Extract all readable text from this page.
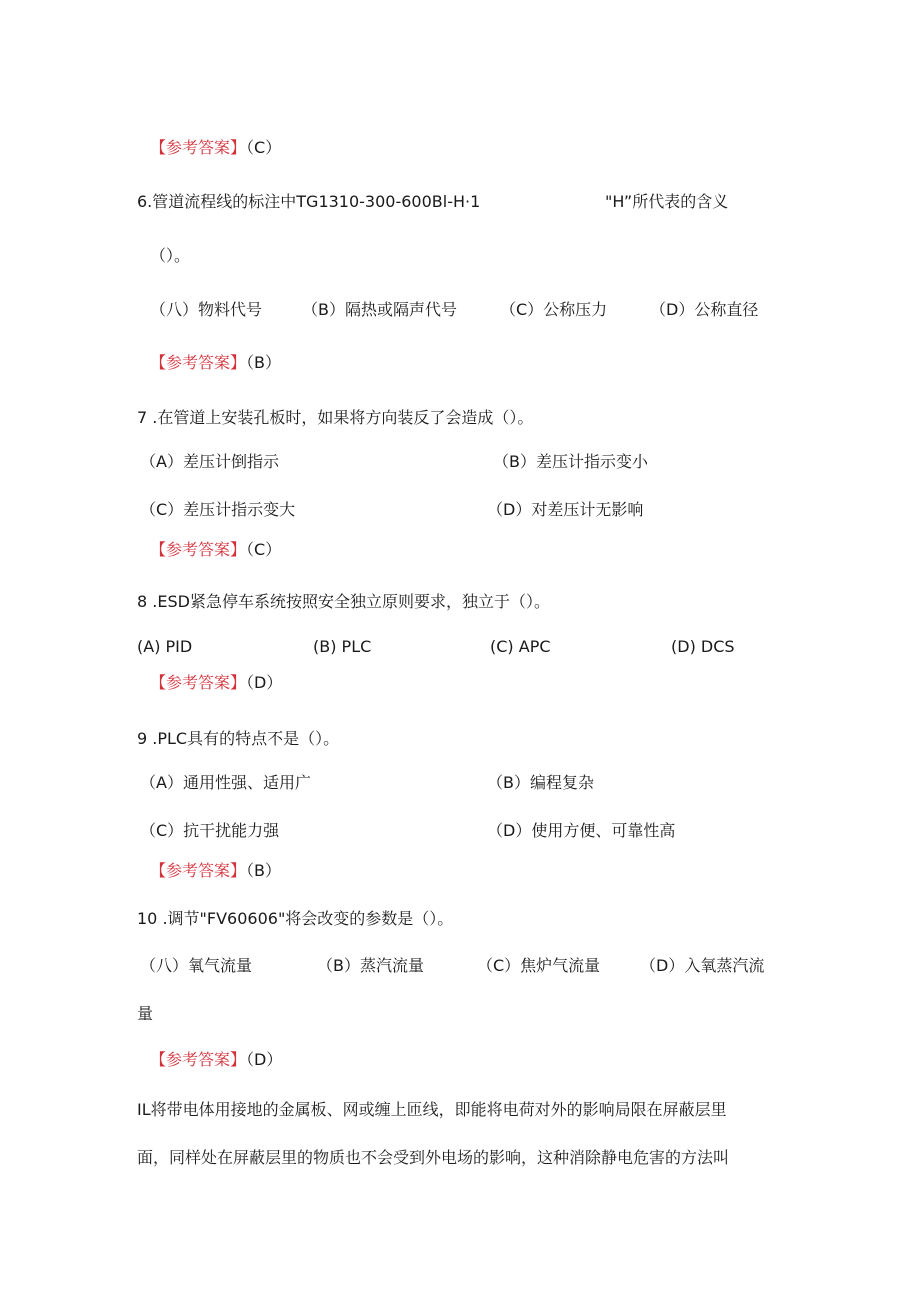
【参考答案】（C）
6.管道流程线的标注中TG1310-300-600Bl-H·1	"H”所代表的含义
（）。
（八）物料代号 （B）隔热或隔声代号	（C）公称压力	（D）公称直径
【参考答案】（B）
7 .在管道上安装孔板时，如果将方向装反了会造成（）。
（A）差压计倒指示	（B）差压计指示变小
（C）差压计指示变大	（D）对差压计无影响
【参考答案】（C）
8 .ESD紧急停车系统按照安全独立原则要求，独立于（）。
(A) PID	(B) PLC	(C) APC	(D) DCS
【参考答案】（D）
9 .PLC具有的特点不是（）。
（A）通用性强、适用广	（B）编程复杂
（C）抗干扰能力强	（D）使用方便、可靠性高
【参考答案】（B）
10 .调节"FV60606"将会改变的参数是（）。
（八）氧气流量	（B）蒸汽流量	（C）焦炉气流量 （D）入氧蒸汽流
量
【参考答案】（D）
IL将带电体用接地的金属板、网或缠上匝线，即能将电荷对外的影响局限在屏蔽层里
面，同样处在屏蔽层里的物质也不会受到外电场的影响，这种消除静电危害的方法叫
